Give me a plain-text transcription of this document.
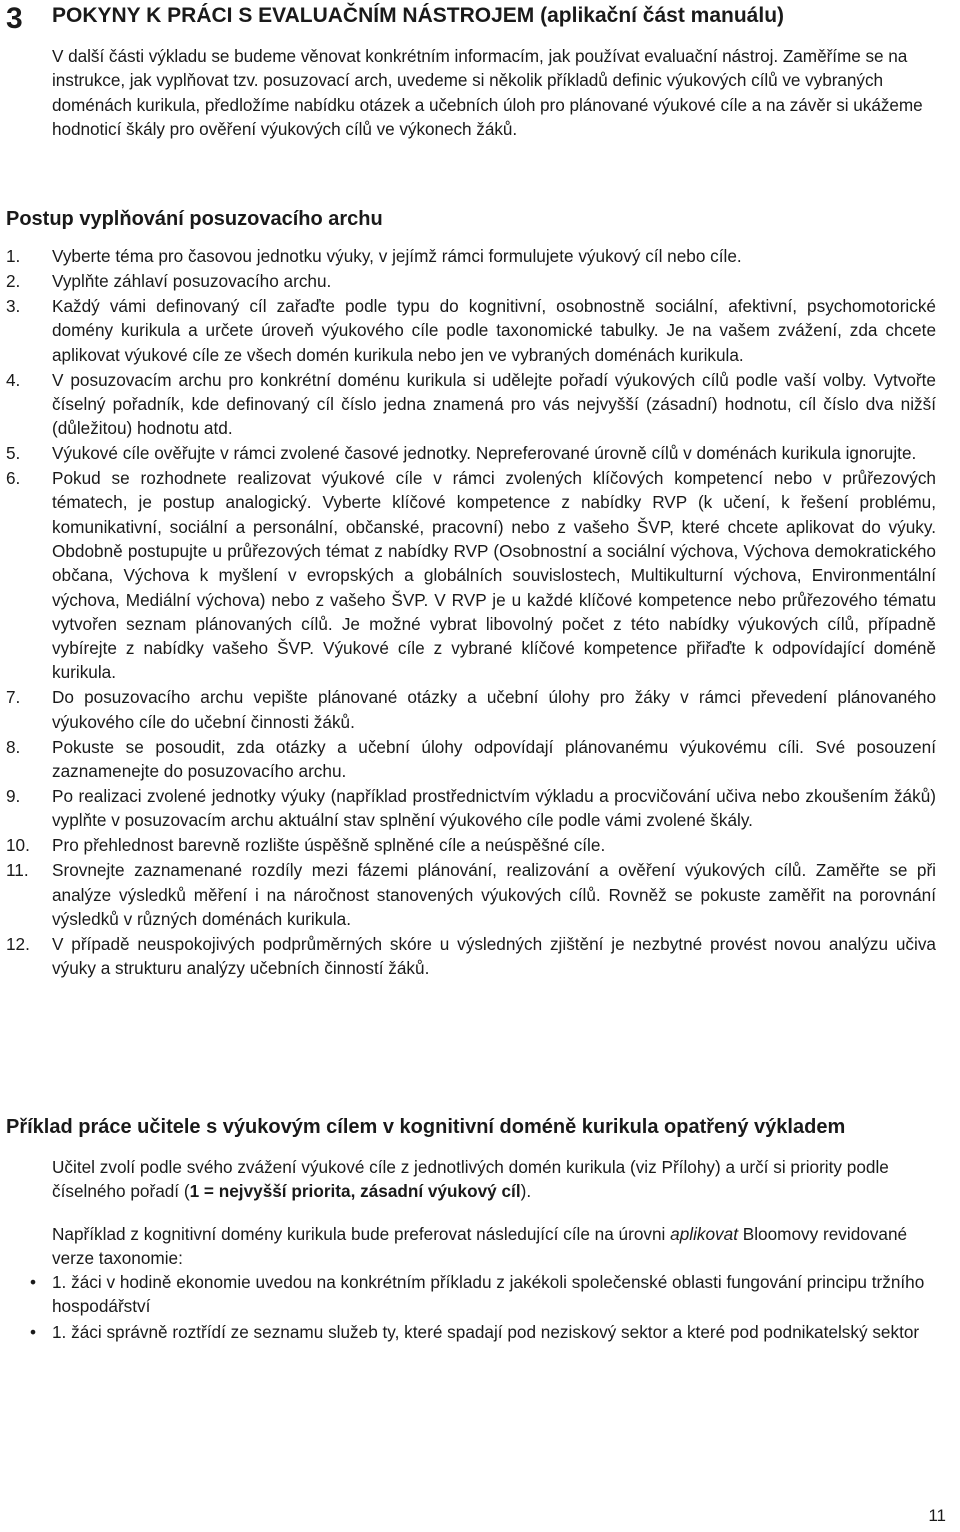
3 POKYNY K PRÁCI S EVALUAČNÍM NÁSTROJEM (aplikační část manuálu)

V další části výkladu se budeme věnovat konkrétním informacím, jak používat evaluační nástroj. Zaměříme se na instrukce, jak vyplňovat tzv. posuzovací arch, uvedeme si několik příkladů definic výukových cílů ve vybraných doménách kurikula, předložíme nabídku otázek a učebních úloh pro plánované výukové cíle a na závěr si ukážeme hodnoticí škály pro ověření výukových cílů ve výkonech žáků.

Postup vyplňování posuzovacího archu
1.	Vyberte téma pro časovou jednotku výuky, v jejímž rámci formulujete výukový cíl nebo cíle.
2.	Vyplňte záhlaví posuzovacího archu.
3.	Každý vámi definovaný cíl zařaďte podle typu do kognitivní, osobnostně sociální, afektivní, psychomotorické domény kurikula a určete úroveň výukového cíle podle taxonomické tabulky. Je na vašem zvážení, zda chcete aplikovat výukové cíle ze všech domén kurikula nebo jen ve vybraných doménách kurikula.
4.	V posuzovacím archu pro konkrétní doménu kurikula si udělejte pořadí výukových cílů podle vaší volby. Vytvořte číselný pořadník, kde definovaný cíl číslo jedna znamená pro vás nejvyšší (zásadní) hodnotu, cíl číslo dva nižší (důležitou) hodnotu atd.
5.	Výukové cíle ověřujte v rámci zvolené časové jednotky. Nepreferované úrovně cílů v doménách kurikula ignorujte.
6.	Pokud se rozhodnete realizovat výukové cíle v rámci zvolených klíčových kompetencí nebo v průřezových tématech, je postup analogický. Vyberte klíčové kompetence z nabídky RVP (k učení, k řešení problému, komunikativní, sociální a personální, občanské, pracovní) nebo z vašeho ŠVP, které chcete aplikovat do výuky. Obdobně postupujte u průřezových témat z nabídky RVP (Osobnostní a sociální výchova, Výchova demokratického občana, Výchova k myšlení v evropských a globálních souvislostech, Multikulturní výchova, Environmentální výchova, Mediální výchova) nebo z vašeho ŠVP. V RVP je u každé klíčové kompetence nebo průřezového tématu vytvořen seznam plánovaných cílů. Je možné vybrat libovolný počet z této nabídky výukových cílů, případně vybírejte z nabídky vašeho ŠVP. Výukové cíle z vybrané klíčové kompetence přiřaďte k odpovídající doméně kurikula.
7.	Do posuzovacího archu vepište plánované otázky a učební úlohy pro žáky v rámci převedení plánovaného výukového cíle do učební činnosti žáků.
8.	Pokuste se posoudit, zda otázky a učební úlohy odpovídají plánovanému výukovému cíli. Své posouzení zaznamenejte do posuzovacího archu.
9.	Po realizaci zvolené jednotky výuky (například prostřednictvím výkladu a procvičování učiva nebo zkoušením žáků) vyplňte v posuzovacím archu aktuální stav splnění výukového cíle podle vámi zvolené škály.
10.	Pro přehlednost barevně rozlište úspěšně splněné cíle a neúspěšné cíle.
11.	Srovnejte zaznamenané rozdíly mezi fázemi plánování, realizování a ověření výukových cílů. Zaměřte se při analýze výsledků měření i na náročnost stanovených výukových cílů. Rovněž se pokuste zaměřit na porovnání výsledků v různých doménách kurikula.
12.	V případě neuspokojivých podprůměrných skóre u výsledných zjištění je nezbytné provést novou analýzu učiva výuky a strukturu analýzy učebních činností žáků.
Příklad práce učitele s výukovým cílem v kognitivní doméně kurikula opatřený výkladem

Učitel zvolí podle svého zvážení výukové cíle z jednotlivých domén kurikula (viz Přílohy) a určí si priority podle číselného pořadí (1 = nejvyšší priorita, zásadní výukový cíl).

Například z kognitivní domény kurikula bude preferovat následující cíle na úrovni aplikovat Bloomovy revidované verze taxonomie:

• 1. žáci v hodině ekonomie uvedou na konkrétním příkladu z jakékoli společenské oblasti fungování principu tržního hospodářství
• 1. žáci správně roztřídí ze seznamu služeb ty, které spadají pod neziskový sektor a které pod podnikatelský sektor
11
